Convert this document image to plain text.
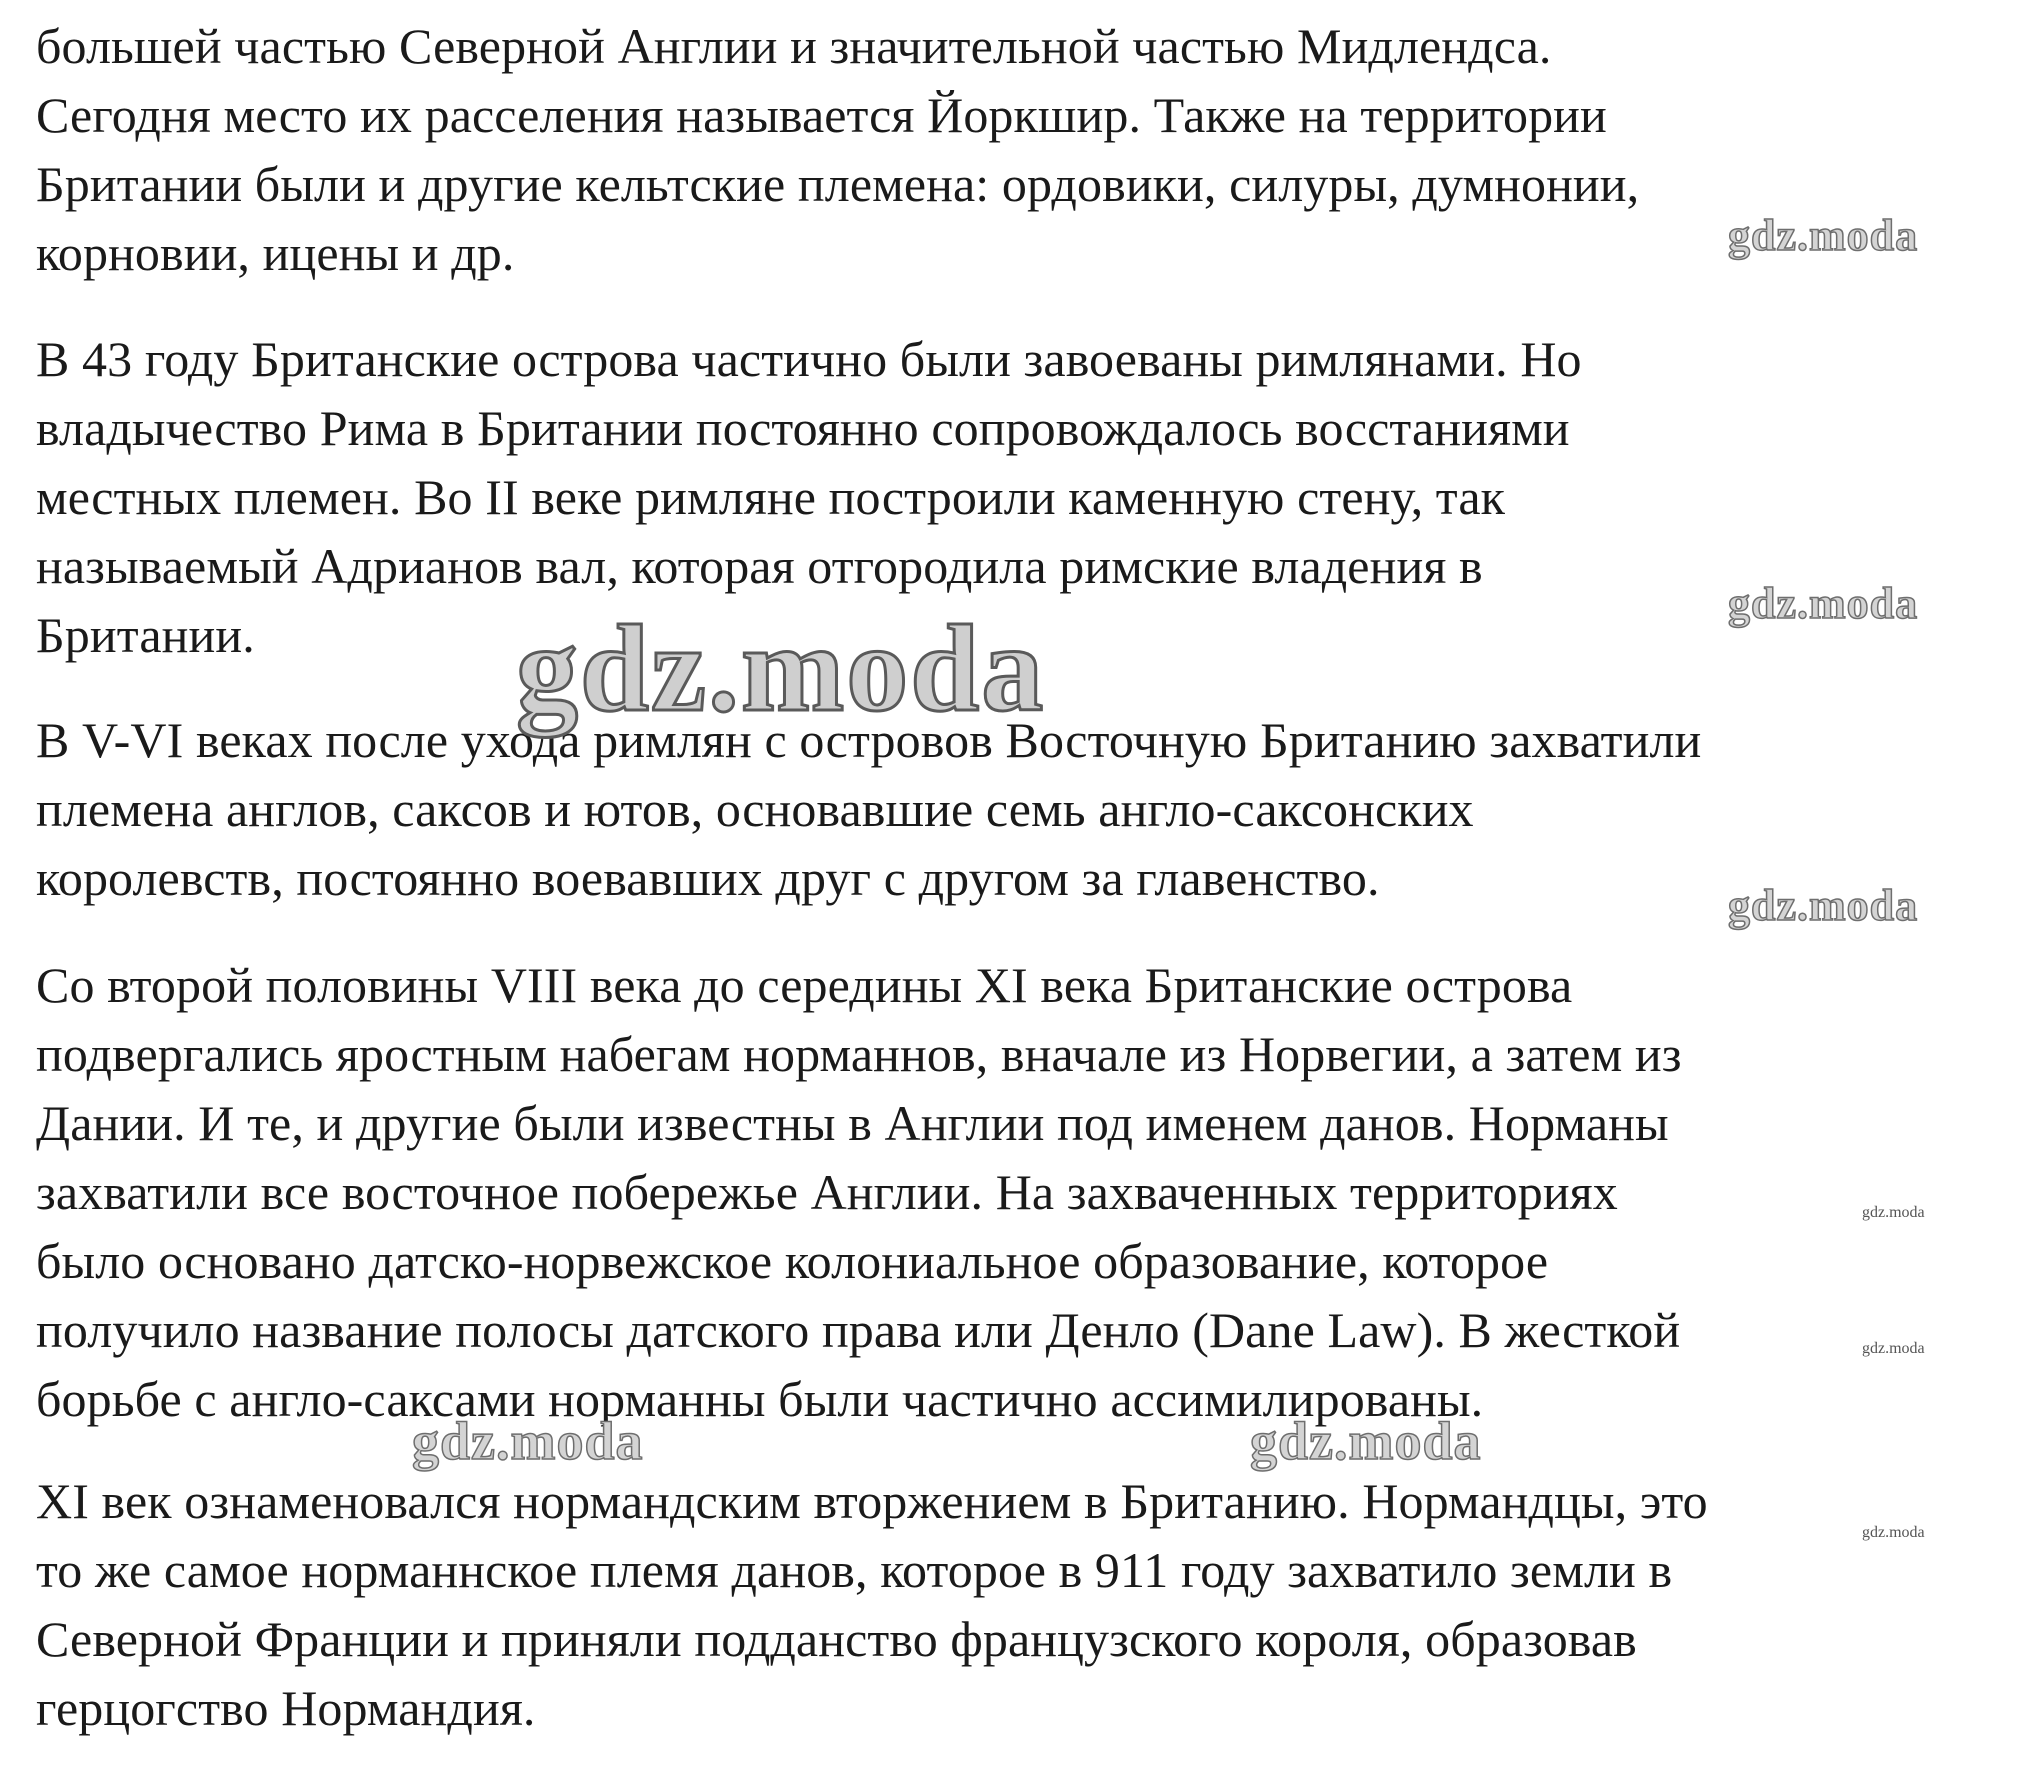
большей частью Северной Англии и значительной частью Мидлендса.
Сегодня место их расселения называется Йоркшир. Также на территории
Британии были и другие кельтские племена: ордовики, силуры, думнонии,
корновии, ицены и др.

В 43 году Британские острова частично были завоеваны римлянами. Но
владычество Рима в Британии постоянно сопровождалось восстаниями
местных племен. Во II веке римляне построили каменную стену, так
называемый Адрианов вал, которая отгородила римские владения в
Британии.

В V-VI веках после ухода римлян с островов Восточную Британию захватили
племена англов, саксов и ютов, основавшие семь англо-саксонских
королевств, постоянно воевавших друг с другом за главенство.

Со второй половины VIII века до середины XI века Британские острова
подвергались яростным набегам норманнов, вначале из Норвегии, а затем из
Дании. И те, и другие были известны в Англии под именем данов. Норманы
захватили все восточное побережье Англии. На захваченных территориях
было основано датско-норвежское колониальное образование, которое
получило название полосы датского права или Денло (Dane Law). В жесткой
борьбе с англо-саксами норманны были частично ассимилированы.

XI век ознаменовался нормандским вторжением в Британию. Нормандцы, это
то же самое норманнское племя данов, которое в 911 году захватило земли в
Северной Франции и приняли подданство французского короля, образовав
герцогство Нормандия.

gdz.moda
gdz.moda
gdz.moda
gdz.moda
gdz.moda
gdz.moda
gdz.moda	gdz.moda
gdz.moda
